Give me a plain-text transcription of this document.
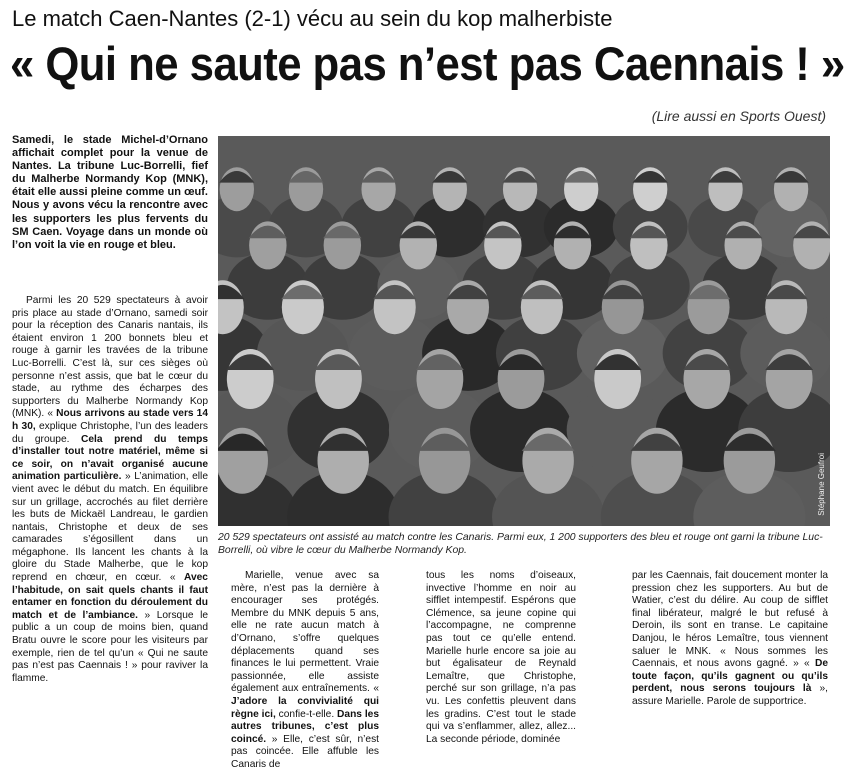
Le match Caen-Nantes (2-1) vécu au sein du kop malherbiste
« Qui ne saute pas n’est pas Caennais ! »
(Lire aussi en Sports Ouest)
Samedi, le stade Michel-d’Ornano affichait complet pour la venue de Nantes. La tribune Luc-Borrelli, fief du Malherbe Normandy Kop (MNK), était elle aussi pleine comme un œuf. Nous y avons vécu la rencontre avec les supporters les plus fervents du SM Caen. Voyage dans un monde où l’on voit la vie en rouge et bleu.

Parmi les 20 529 spectateurs à avoir pris place au stade d’Ornano, samedi soir pour la réception des Canaris nantais, ils étaient environ 1 200 bonnets bleu et rouge à garnir les travées de la tribune Luc-Borrelli. C’est là, sur ces sièges où personne n’est assis, que bat le cœur du stade, au rythme des écharpes des supporters du Malherbe Normandy Kop (MNK). « Nous arrivons au stade vers 14 h 30, explique Christophe, l’un des leaders du groupe. Cela prend du temps d’installer tout notre matériel, même si ce soir, on n’avait organisé aucune animation particulière. » L’animation, elle vient avec le début du match. En équilibre sur un grillage, accrochés au filet derrière les buts de Mickaël Landreau, le gardien nantais, Christophe et deux de ses camarades s’égosillent dans un mégaphone. Ils lancent les chants à la gloire du Stade Malherbe, que le kop reprend en chœur, en cœur. « Avec l’habitude, on sait quels chants il faut entamer en fonction du déroulement du match et de l’ambiance. » Lorsque le public a un coup de moins bien, quand Bratu ouvre le score pour les visiteurs par exemple, rien de tel qu’un « Qui ne saute pas n’est pas Caennais ! » pour raviver la flamme.

Stéphane Geufroi
20 529 spectateurs ont assisté au match contre les Canaris. Parmi eux, 1 200 supporters des bleu et rouge ont garni la tribune Luc-Borrelli, où vibre le cœur du Malherbe Normandy Kop.

Marielle, venue avec sa mère, n’est pas la dernière à encourager ses protégés. Membre du MNK depuis 5 ans, elle ne rate aucun match à d’Ornano, s’offre quelques déplacements quand ses finances le lui permettent. Vraie passionnée, elle assiste également aux entraînements. « J’adore la convivialité qui règne ici, confie-t-elle. Dans les autres tribunes, c’est plus coincé. » Elle, c’est sûr, n’est pas coincée. Elle affuble les Canaris de

tous les noms d’oiseaux, invective l’homme en noir au sifflet intempestif. Espérons que Clémence, sa jeune copine qui l’accompagne, ne comprenne pas tout ce qu’elle entend. Marielle hurle encore sa joie au but égalisateur de Reynald Lemaître, que Christophe, perché sur son grillage, n’a pas vu. Les confettis pleuvent dans les gradins. C’est tout le stade qui va s’enflammer, allez, allez... La seconde période, dominée

par les Caennais, fait doucement monter la pression chez les supporters. Au but de Watier, c’est du délire. Au coup de sifflet final libérateur, malgré le but refusé à Deroin, ils sont en transe. Le capitaine Danjou, le héros Lemaître, tous viennent saluer le MNK. « Nous sommes les Caennais, et nous avons gagné. » « De toute façon, qu’ils gagnent ou qu’ils perdent, nous serons toujours là », assure Marielle. Parole de supportrice.
